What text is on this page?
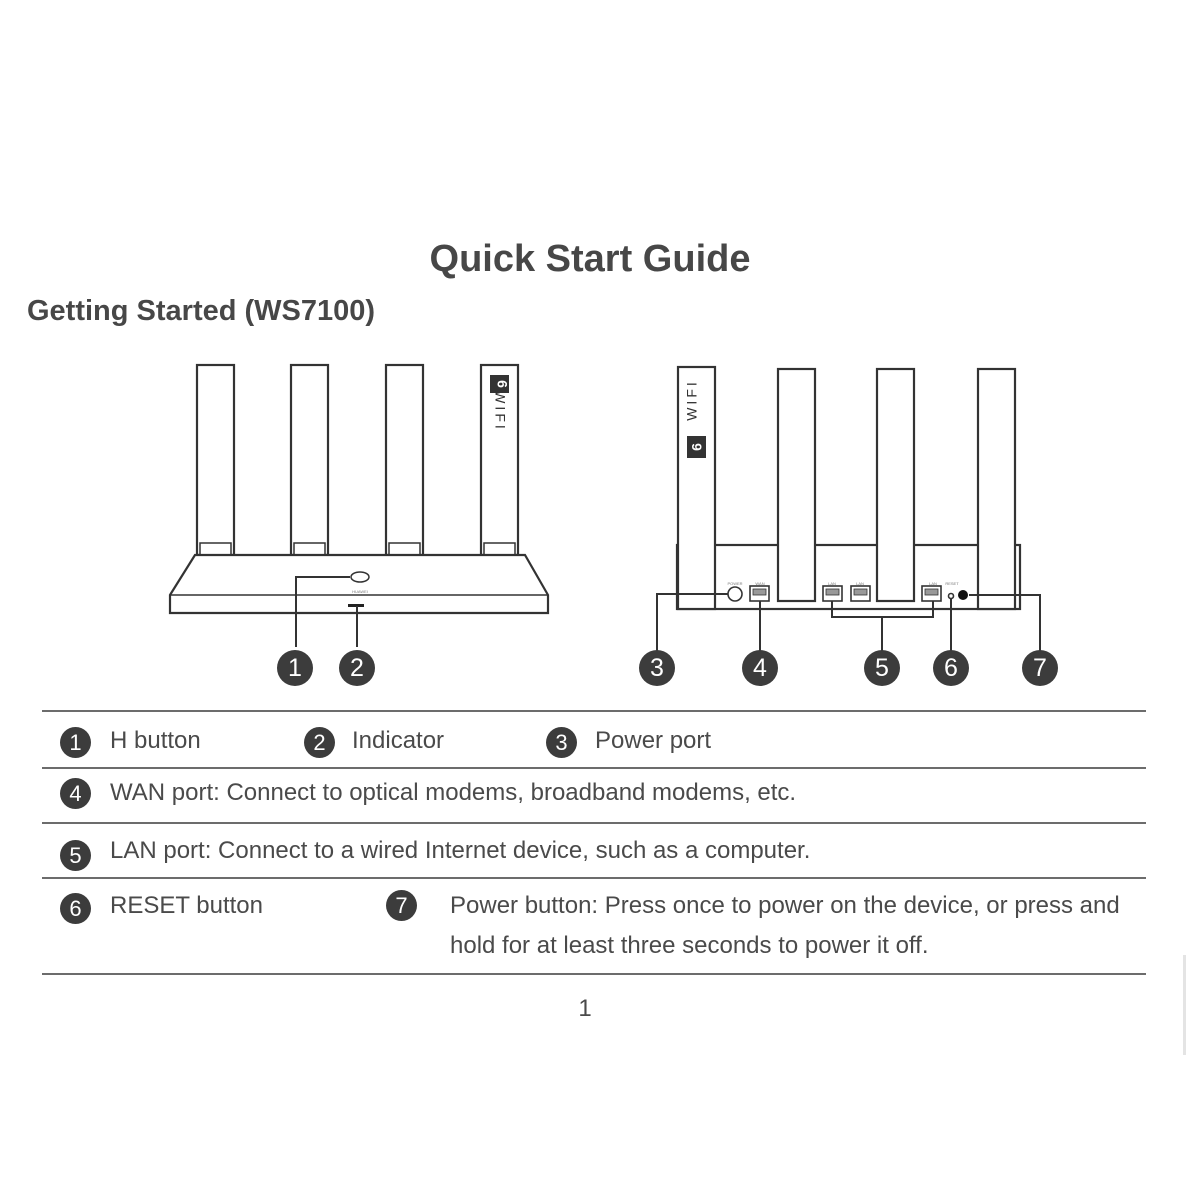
Quick Start Guide
Getting Started (WS7100)
6
WIFI
HUAWEI
1	2
WIFI
6
POWER	WAN	LAN	LAN	LAN RESET
3	4	5	6	7
1	H button	2	Indicator	3	Power port
4	WAN port: Connect to optical modems, broadband modems, etc.
5	LAN port: Connect to a wired Internet device, such as a computer.
6	RESET button	7	Power button: Press once to power on the device, or press and hold for at least three seconds to power it off.
1
